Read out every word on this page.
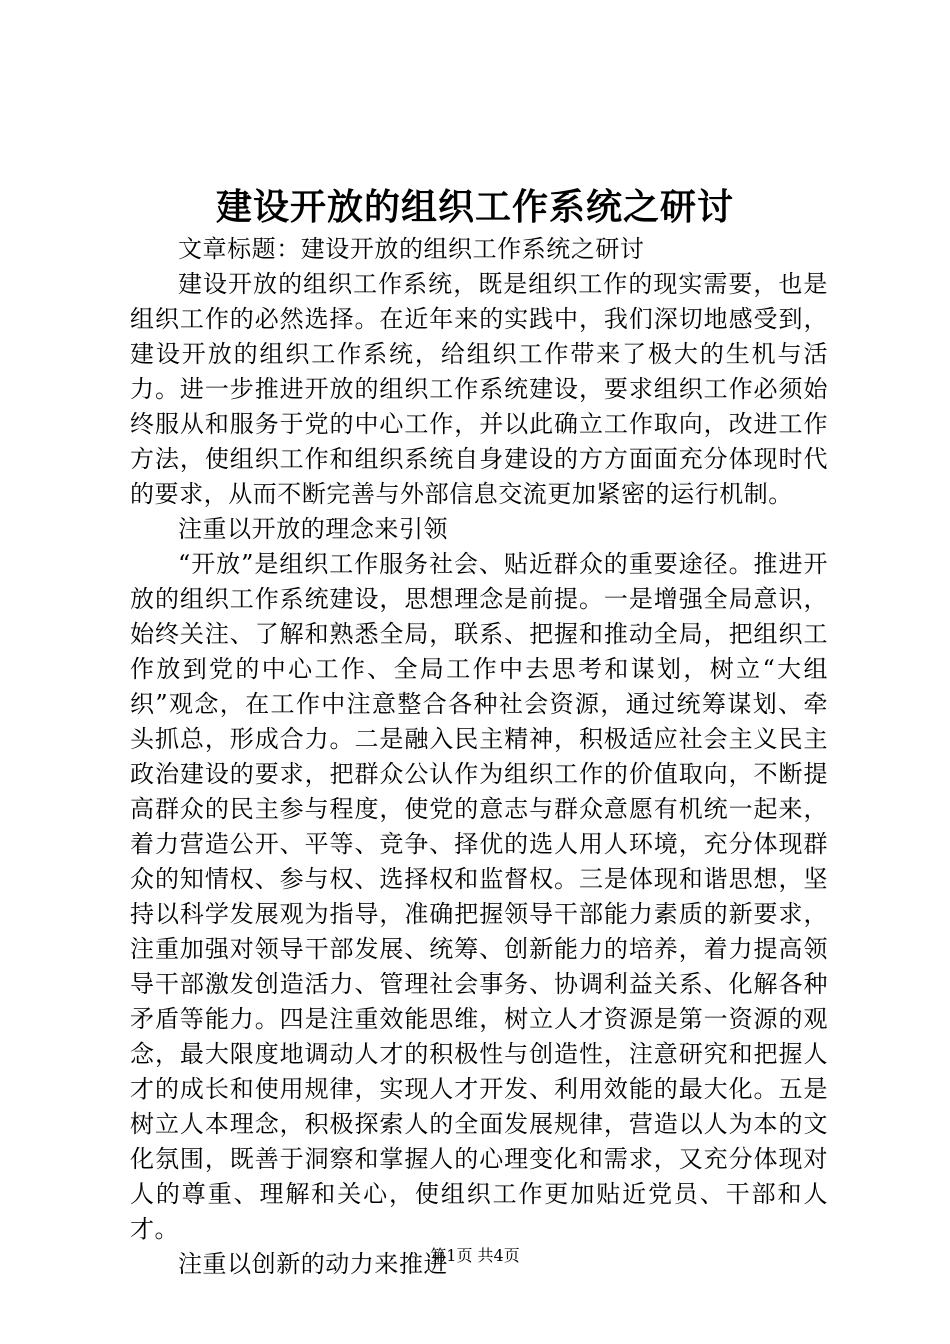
建设开放的组织工作系统之研讨

文章标题：建设开放的组织工作系统之研讨

建设开放的组织工作系统，既是组织工作的现实需要，也是组织工作的必然选择。在近年来的实践中，我们深切地感受到，建设开放的组织工作系统，给组织工作带来了极大的生机与活力。进一步推进开放的组织工作系统建设，要求组织工作必须始终服从和服务于党的中心工作，并以此确立工作取向，改进工作方法，使组织工作和组织系统自身建设的方方面面充分体现时代的要求，从而不断完善与外部信息交流更加紧密的运行机制。

注重以开放的理念来引领

“开放”是组织工作服务社会、贴近群众的重要途径。推进开放的组织工作系统建设，思想理念是前提。一是增强全局意识，始终关注、了解和熟悉全局，联系、把握和推动全局，把组织工作放到党的中心工作、全局工作中去思考和谋划，树立“大组织”观念，在工作中注意整合各种社会资源，通过统筹谋划、牵头抓总，形成合力。二是融入民主精神，积极适应社会主义民主政治建设的要求，把群众公认作为组织工作的价值取向，不断提高群众的民主参与程度，使党的意志与群众意愿有机统一起来，着力营造公开、平等、竞争、择优的选人用人环境，充分体现群众的知情权、参与权、选择权和监督权。三是体现和谐思想，坚持以科学发展观为指导，准确把握领导干部能力素质的新要求，注重加强对领导干部发展、统筹、创新能力的培养，着力提高领导干部激发创造活力、管理社会事务、协调利益关系、化解各种矛盾等能力。四是注重效能思维，树立人才资源是第一资源的观念，最大限度地调动人才的积极性与创造性，注意研究和把握人才的成长和使用规律，实现人才开发、利用效能的最大化。五是树立人本理念，积极探索人的全面发展规律，营造以人为本的文化氛围，既善于洞察和掌握人的心理变化和需求，又充分体现对人的尊重、理解和关心，使组织工作更加贴近党员、干部和人才。

注重以创新的动力来推进

第1页 共4页
